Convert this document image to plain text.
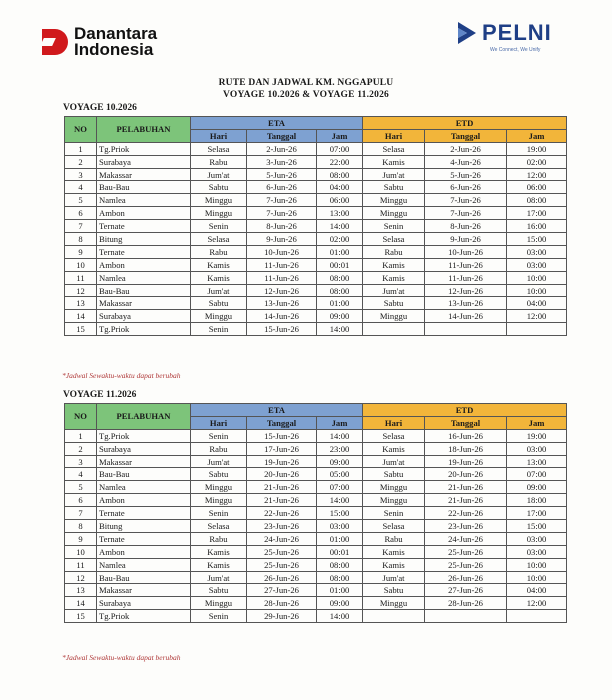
Danantara
Indonesia
PELNI
We Connect, We Unify
RUTE DAN JADWAL KM. NGGAPULU
VOYAGE 10.2026 & VOYAGE 11.2026
VOYAGE 10.2026
NO	PELABUHAN	ETA			ETD		
		Hari	Tanggal	Jam	Hari	Tanggal	Jam
1	Tg.Priok	Selasa	2-Jun-26	07:00	Selasa	2-Jun-26	19:00
2	Surabaya	Rabu	3-Jun-26	22:00	Kamis	4-Jun-26	02:00
3	Makassar	Jum'at	5-Jun-26	08:00	Jum'at	5-Jun-26	12:00
4	Bau-Bau	Sabtu	6-Jun-26	04:00	Sabtu	6-Jun-26	06:00
5	Namlea	Minggu	7-Jun-26	06:00	Minggu	7-Jun-26	08:00
6	Ambon	Minggu	7-Jun-26	13:00	Minggu	7-Jun-26	17:00
7	Ternate	Senin	8-Jun-26	14:00	Senin	8-Jun-26	16:00
8	Bitung	Selasa	9-Jun-26	02:00	Selasa	9-Jun-26	15:00
9	Ternate	Rabu	10-Jun-26	01:00	Rabu	10-Jun-26	03:00
10	Ambon	Kamis	11-Jun-26	00:01	Kamis	11-Jun-26	03:00
11	Namlea	Kamis	11-Jun-26	08:00	Kamis	11-Jun-26	10:00
12	Bau-Bau	Jum'at	12-Jun-26	08:00	Jum'at	12-Jun-26	10:00
13	Makassar	Sabtu	13-Jun-26	01:00	Sabtu	13-Jun-26	04:00
14	Surabaya	Minggu	14-Jun-26	09:00	Minggu	14-Jun-26	12:00
15	Tg.Priok	Senin	15-Jun-26	14:00			
*Jadwal Sewaktu-waktu dapat berubah
VOYAGE 11.2026
NO	PELABUHAN	ETA			ETD		
		Hari	Tanggal	Jam	Hari	Tanggal	Jam
1	Tg.Priok	Senin	15-Jun-26	14:00	Selasa	16-Jun-26	19:00
2	Surabaya	Rabu	17-Jun-26	23:00	Kamis	18-Jun-26	03:00
3	Makassar	Jum'at	19-Jun-26	09:00	Jum'at	19-Jun-26	13:00
4	Bau-Bau	Sabtu	20-Jun-26	05:00	Sabtu	20-Jun-26	07:00
5	Namlea	Minggu	21-Jun-26	07:00	Minggu	21-Jun-26	09:00
6	Ambon	Minggu	21-Jun-26	14:00	Minggu	21-Jun-26	18:00
7	Ternate	Senin	22-Jun-26	15:00	Senin	22-Jun-26	17:00
8	Bitung	Selasa	23-Jun-26	03:00	Selasa	23-Jun-26	15:00
9	Ternate	Rabu	24-Jun-26	01:00	Rabu	24-Jun-26	03:00
10	Ambon	Kamis	25-Jun-26	00:01	Kamis	25-Jun-26	03:00
11	Namlea	Kamis	25-Jun-26	08:00	Kamis	25-Jun-26	10:00
12	Bau-Bau	Jum'at	26-Jun-26	08:00	Jum'at	26-Jun-26	10:00
13	Makassar	Sabtu	27-Jun-26	01:00	Sabtu	27-Jun-26	04:00
14	Surabaya	Minggu	28-Jun-26	09:00	Minggu	28-Jun-26	12:00
15	Tg.Priok	Senin	29-Jun-26	14:00			
*Jadwal Sewaktu-waktu dapat berubah
